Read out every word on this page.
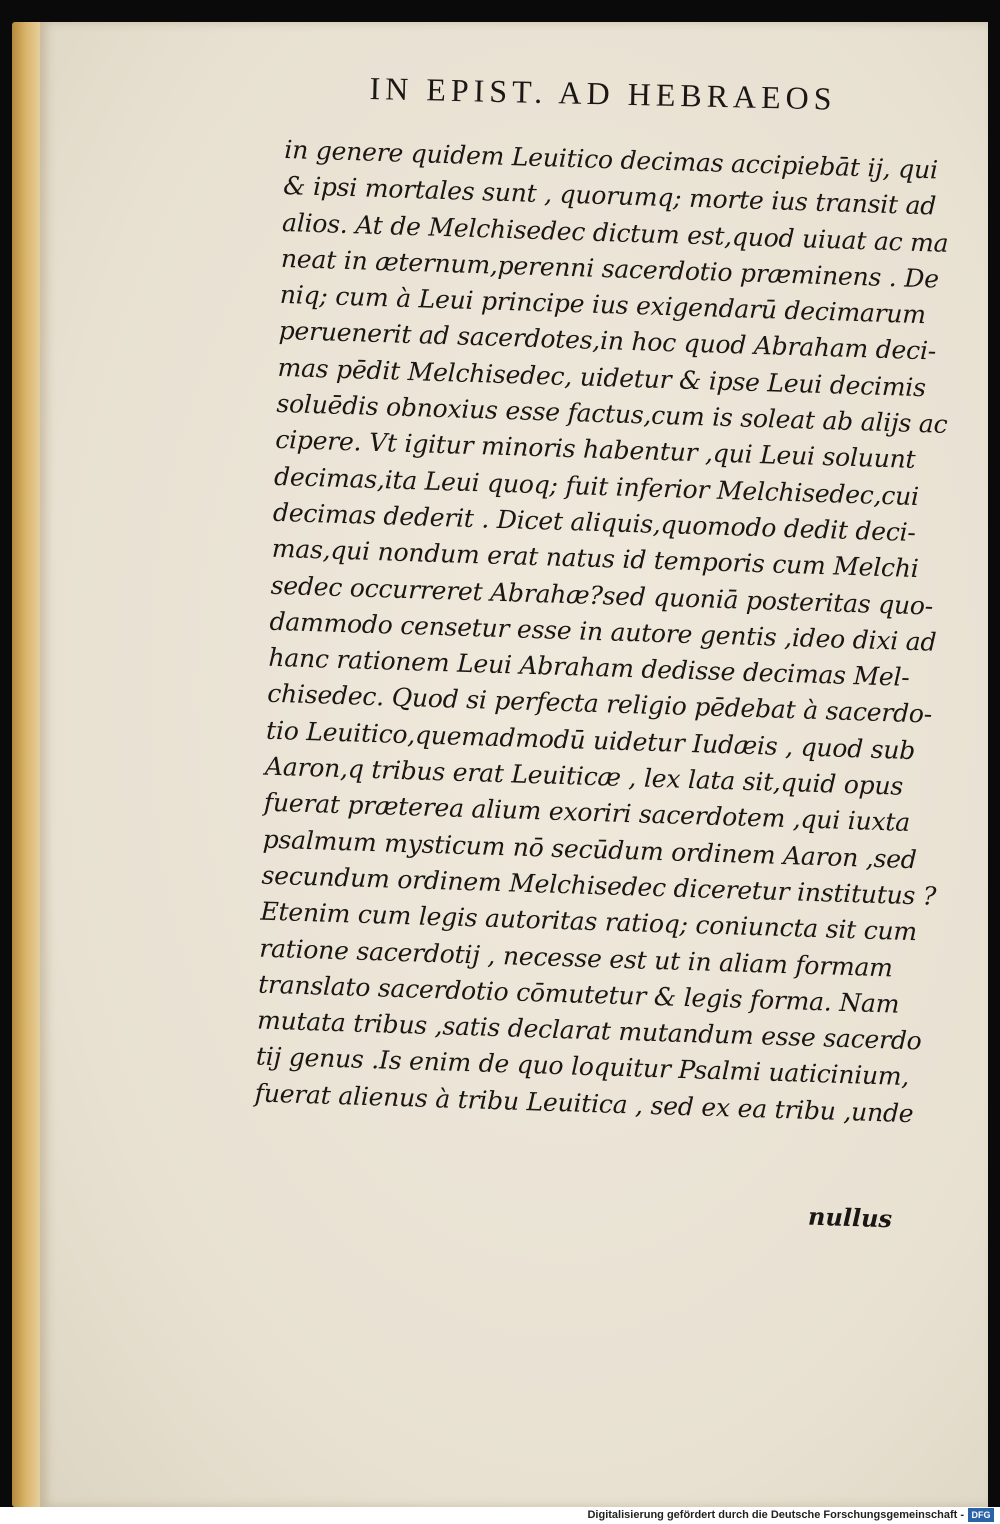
IN EPIST. AD HEBRAEOS
in genere quidem Leuitico decimas accipiebāt ij, qui
& ipsi mortales sunt , quorumq; morte ius transit ad
alios. At de Melchisedec dictum est,quod uiuat ac ma
neat in æternum,perenni sacerdotio præminens . De
niq; cum à Leui principe ius exigendarū decimarum
peruenerit ad sacerdotes,in hoc quod Abraham deci-
mas pēdit Melchisedec, uidetur & ipse Leui decimis
soluēdis obnoxius esse factus,cum is soleat ab alijs ac
cipere. Vt igitur minoris habentur ,qui Leui soluunt
decimas,ita Leui quoq; fuit inferior Melchisedec,cui
decimas dederit . Dicet aliquis,quomodo dedit deci-
mas,qui nondum erat natus id temporis cum Melchi
sedec occurreret Abrahæ?sed quoniā posteritas quo-
dammodo censetur esse in autore gentis ,ideo dixi ad
hanc rationem Leui Abraham dedisse decimas Mel-
chisedec. Quod si perfecta religio pēdebat à sacerdo-
tio Leuitico,quemadmodū uidetur Iudæis , quod sub
Aaron,q tribus erat Leuiticæ , lex lata sit,quid opus
fuerat præterea alium exoriri sacerdotem ,qui iuxta
psalmum mysticum nō secūdum ordinem Aaron ,sed
secundum ordinem Melchisedec diceretur institutus ?
Etenim cum legis autoritas ratioq; coniuncta sit cum
ratione sacerdotij , necesse est ut in aliam formam
translato sacerdotio cōmutetur & legis forma. Nam
mutata tribus ,satis declarat mutandum esse sacerdo
tij genus .Is enim de quo loquitur Psalmi uaticinium,
fuerat alienus à tribu Leuitica , sed ex ea tribu ,unde
nullus
Digitalisierung gefördert durch die Deutsche Forschungsgemeinschaft - DFG
